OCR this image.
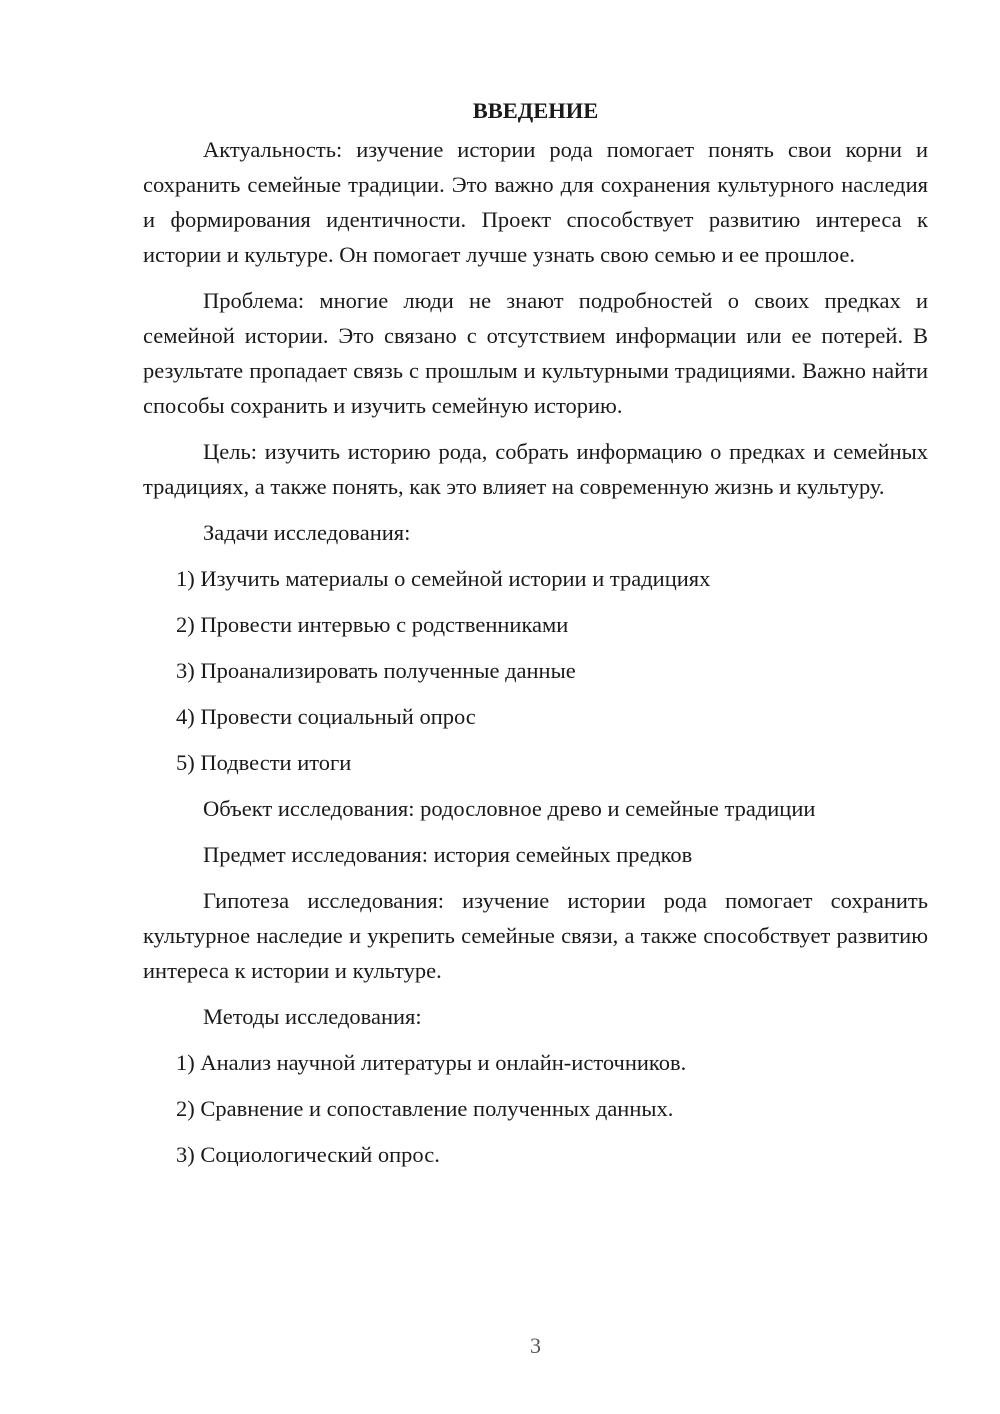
ВВЕДЕНИЕ

Актуальность: изучение истории рода помогает понять свои корни и сохранить семейные традиции. Это важно для сохранения культурного наследия и формирования идентичности. Проект способствует развитию интереса к истории и культуре. Он помогает лучше узнать свою семью и ее прошлое.

Проблема: многие люди не знают подробностей о своих предках и семейной истории. Это связано с отсутствием информации или ее потерей. В результате пропадает связь с прошлым и культурными традициями. Важно найти способы сохранить и изучить семейную историю.

Цель: изучить историю рода, собрать информацию о предках и семейных традициях, а также понять, как это влияет на современную жизнь и культуру.

Задачи исследования:

1) Изучить материалы о семейной истории и традициях
2) Провести интервью с родственниками
3) Проанализировать полученные данные
4) Провести социальный опрос
5) Подвести итоги

Объект исследования: родословное древо и семейные традиции

Предмет исследования: история семейных предков

Гипотеза исследования: изучение истории рода помогает сохранить культурное наследие и укрепить семейные связи, а также способствует развитию интереса к истории и культуре.

Методы исследования:

1) Анализ научной литературы и онлайн-источников.
2) Сравнение и сопоставление полученных данных.
3) Социологический опрос.
3
